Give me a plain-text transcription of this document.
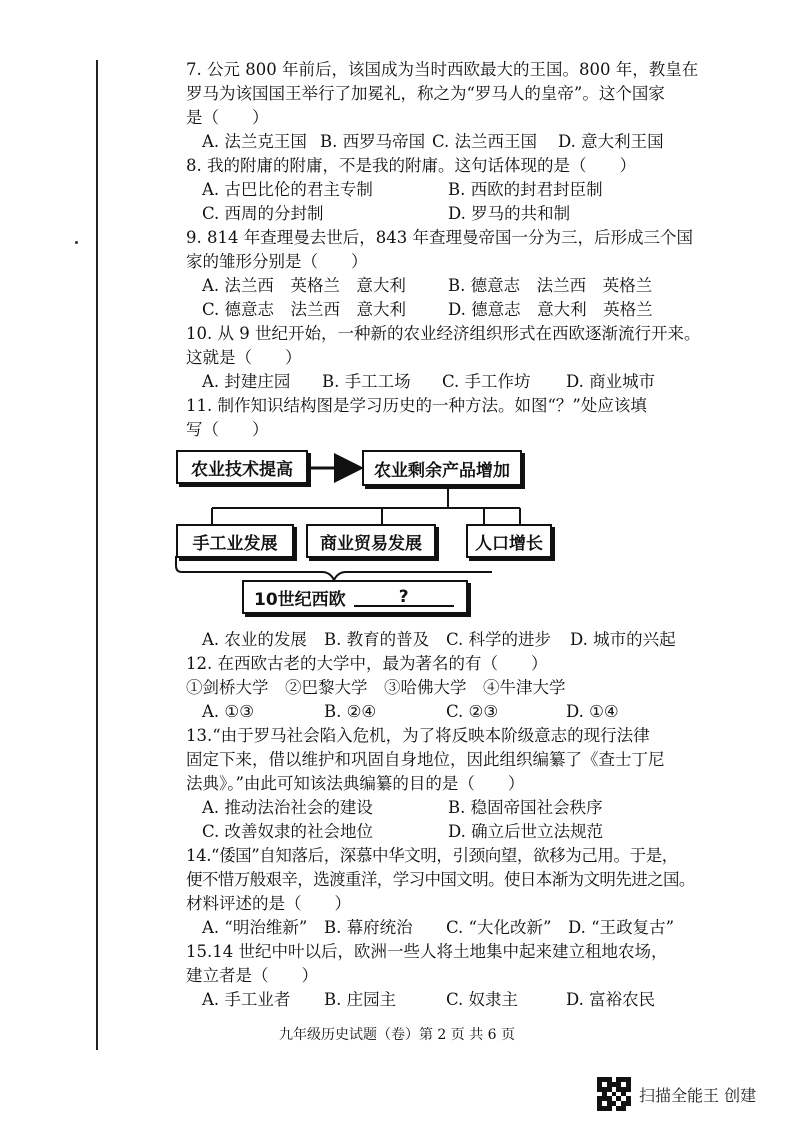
7. 公元 800 年前后，该国成为当时西欧最大的王国。800 年，教皇在
罗马为该国国王举行了加冕礼，称之为“罗马人的皇帝”。这个国家
是（　　）
A. 法兰克王国 B. 西罗马帝国 C. 法兰西王国	D. 意大利王国
8. 我的附庸的附庸，不是我的附庸。这句话体现的是（　　）
A. 古巴比伦的君主专制	B. 西欧的封君封臣制
C. 西周的分封制	D. 罗马的共和制
9. 814 年查理曼去世后，843 年查理曼帝国一分为三，后形成三个国
家的雏形分别是（　　）
A. 法兰西　英格兰　意大利	B. 德意志　法兰西　英格兰
C. 德意志　法兰西　意大利	D. 德意志　意大利　英格兰
10. 从 9 世纪开始，一种新的农业经济组织形式在西欧逐渐流行开来。
这就是（　　）
A. 封建庄园	B. 手工工场	C. 手工作坊	D. 商业城市
11. 制作知识结构图是学习历史的一种方法。如图“？”处应该填
写（　　）
农业技术提高	农业剩余产品增加
手工业发展	商业贸易发展	人口增长
10世纪西欧	?
A. 农业的发展	B. 教育的普及	C. 科学的进步	D. 城市的兴起
12. 在西欧古老的大学中，最为著名的有（　　）
①剑桥大学　②巴黎大学　③哈佛大学　④牛津大学
A. ①③	B. ②④	C. ②③	D. ①④
13.“由于罗马社会陷入危机，为了将反映本阶级意志的现行法律
固定下来，借以维护和巩固自身地位，因此组织编纂了《查士丁尼
法典》。”由此可知该法典编纂的目的是（　　）
A. 推动法治社会的建设	B. 稳固帝国社会秩序
C. 改善奴隶的社会地位	D. 确立后世立法规范
14.“倭国”自知落后，深慕中华文明，引颈向望，欲移为己用。于是，
便不惜万般艰辛，选渡重洋，学习中国文明。使日本渐为文明先进之国。
材料评述的是（　　）
A. “明治维新”	B. 幕府统治	C. “大化改新”	D. “王政复古”
15.14 世纪中叶以后，欧洲一些人将土地集中起来建立租地农场，
建立者是（　　）
A. 手工业者	B. 庄园主	C. 奴隶主	D. 富裕农民
九年级历史试题（卷）第 2 页 共 6 页
扫描全能王 创建
